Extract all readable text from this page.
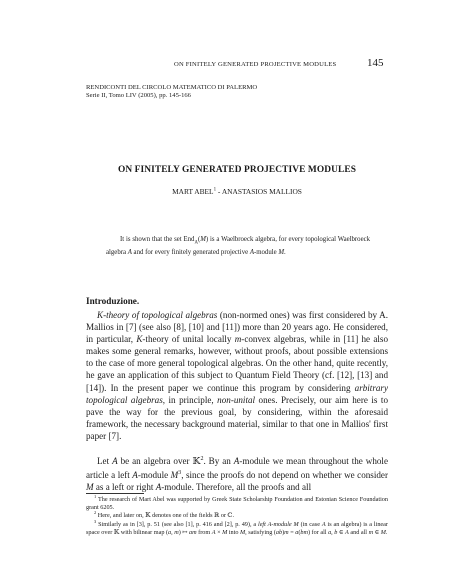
ON FINITELY GENERATED PROJECTIVE MODULES	145
RENDICONTI DEL CIRCOLO MATEMATICO DI PALERMO
Serie II, Tomo LIV (2005), pp. 145-166
ON FINITELY GENERATED PROJECTIVE MODULES
MART ABEL$^1$ - ANASTASIOS MALLIOS
It is shown that the set End$_A$(M) is a Waelbroeck algebra, for every topological Waelbroeck algebra A and for every finitely generated projective A-module M.
Introduzione.

K-theory of topological algebras (non-normed ones) was first considered by A. Mallios in [7] (see also [8], [10] and [11]) more than 20 years ago. He considered, in particular, K-theory of unital locally m-convex algebras, while in [11] he also makes some general remarks, however, without proofs, about possible extensions to the case of more general topological algebras. On the other hand, quite recently, he gave an application of this subject to Quantum Field Theory (cf. [12], [13] and [14]). In the present paper we continue this program by considering arbitrary topological algebras, in principle, non-unital ones. Precisely, our aim here is to pave the way for the previous goal, by considering, within the aforesaid framework, the necessary background material, similar to that one in Mallios' first paper [7].

Let A be an algebra over 𝕂$^2$. By an A-module we mean throughout the whole article a left A-module $M^3$, since the proofs do not depend on whether we consider M as a left or right A-module. Therefore, all the proofs and all

$^1$ The research of Mart Abel was supported by Greek State Scholarship Foundation and Estonian Science Foundation grant 6205.

$^2$ Here, and later on, 𝕂 denotes one of the fields ℝ or ℂ.

$^3$ Similarly as in [3], p. 51 (see also [1], p. 416 and [2], p. 49), a left A-module M (in case A is an algebra) is a linear space over 𝕂 with bilinear map (a, m) ↦ am from A × M into M, satisfying (ab)m = a(bm) for all a, b ∈ A and all m ∈ M.
